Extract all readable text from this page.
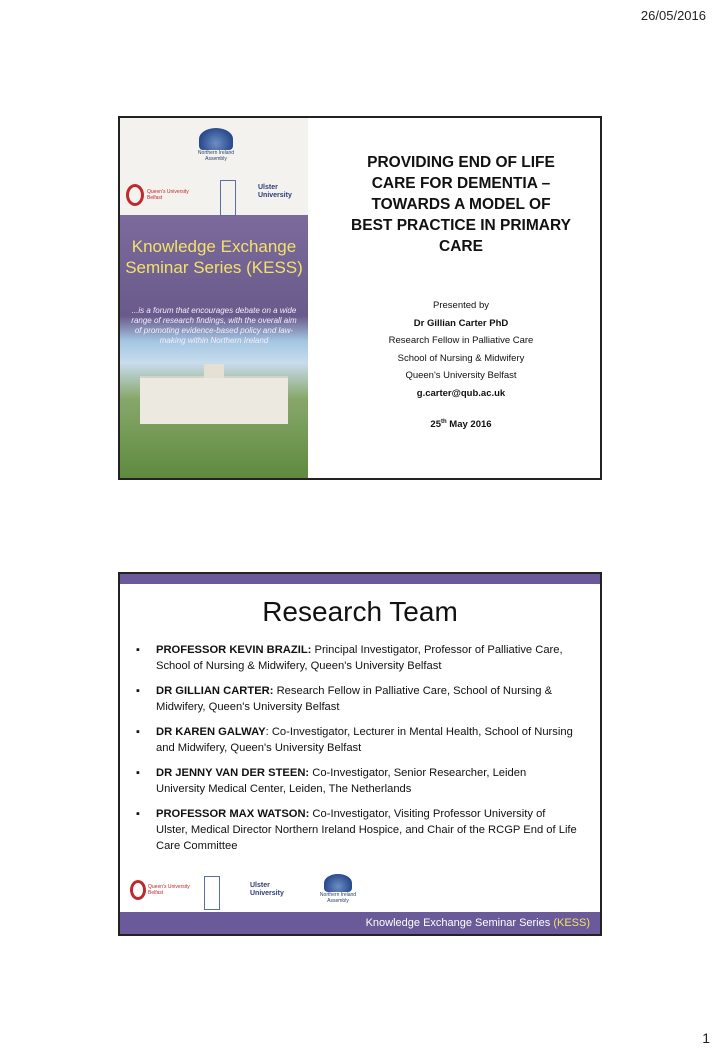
26/05/2016
Northern Ireland Assembly
Queen's University Belfast
Ulster University
Knowledge Exchange Seminar Series (KESS)
...is a forum that encourages debate on a wide range of research findings, with the overall aim of promoting evidence-based policy and law-making within Northern Ireland
PROVIDING END OF LIFE CARE FOR DEMENTIA – TOWARDS A MODEL OF BEST PRACTICE IN PRIMARY CARE
Presented by
Dr Gillian Carter PhD
Research Fellow in Palliative Care
School of Nursing & Midwifery
Queen's University Belfast
g.carter@qub.ac.uk
25th May 2016
Research Team
▪ PROFESSOR KEVIN BRAZIL: Principal Investigator, Professor of Palliative Care, School of Nursing & Midwifery, Queen's University Belfast
▪ DR GILLIAN CARTER: Research Fellow in Palliative Care, School of Nursing & Midwifery, Queen's University Belfast
▪ DR KAREN GALWAY: Co-Investigator, Lecturer in Mental Health, School of Nursing and Midwifery, Queen's University Belfast
▪ DR JENNY VAN DER STEEN: Co-Investigator, Senior Researcher, Leiden University Medical Center, Leiden, The Netherlands
▪ PROFESSOR MAX WATSON: Co-Investigator, Visiting Professor University of Ulster, Medical Director Northern Ireland Hospice, and Chair of the RCGP End of Life Care Committee
Queen's University Belfast
Ulster University	Northern Ireland Assembly
Knowledge Exchange Seminar Series (KESS)
1
